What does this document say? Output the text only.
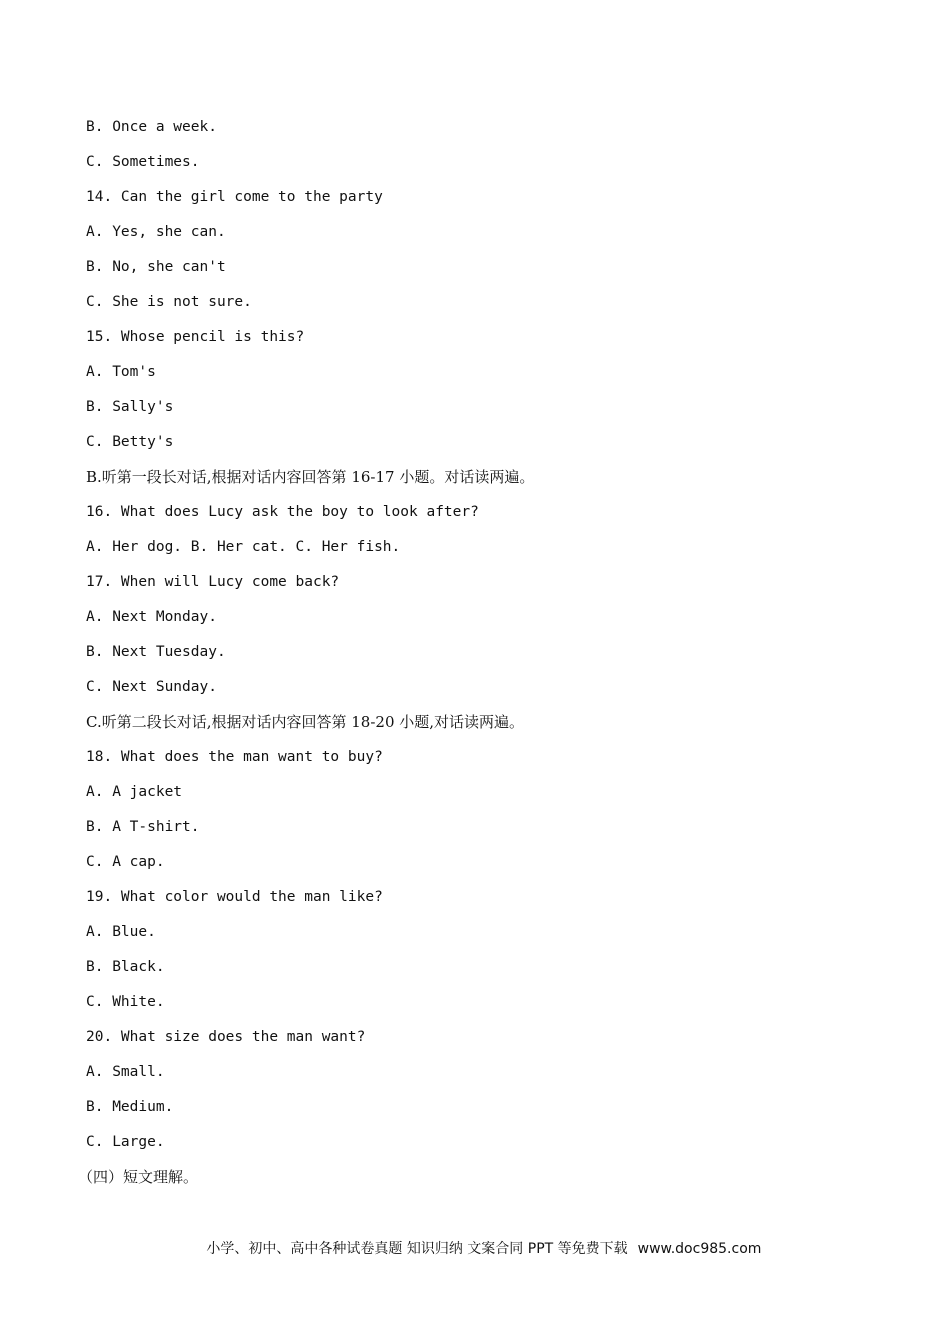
B. Once a week.
C. Sometimes.
14. Can the girl come to the party
A. Yes, she can.
B. No, she can't
C. She is not sure.
15. Whose pencil is this?
A. Tom's
B. Sally's
C. Betty's
B.听第一段长对话,根据对话内容回答第 16-17 小题。对话读两遍。
16. What does Lucy ask the boy to look after?
A. Her dog. B. Her cat. C. Her fish.
17. When will Lucy come back?
A. Next Monday.
B. Next Tuesday.
C. Next Sunday.
C.听第二段长对话,根据对话内容回答第 18-20 小题,对话读两遍。
18. What does the man want to buy?
A. A jacket
B. A T-shirt.
C. A cap.
19. What color would the man like?
A. Blue.
B. Black.
C. White.
20. What size does the man want?
A. Small.
B. Medium.
C. Large.
（四）短文理解。

小学、初中、高中各种试卷真题 知识归纳 文案合同 PPT 等免费下载 www.doc985.com
